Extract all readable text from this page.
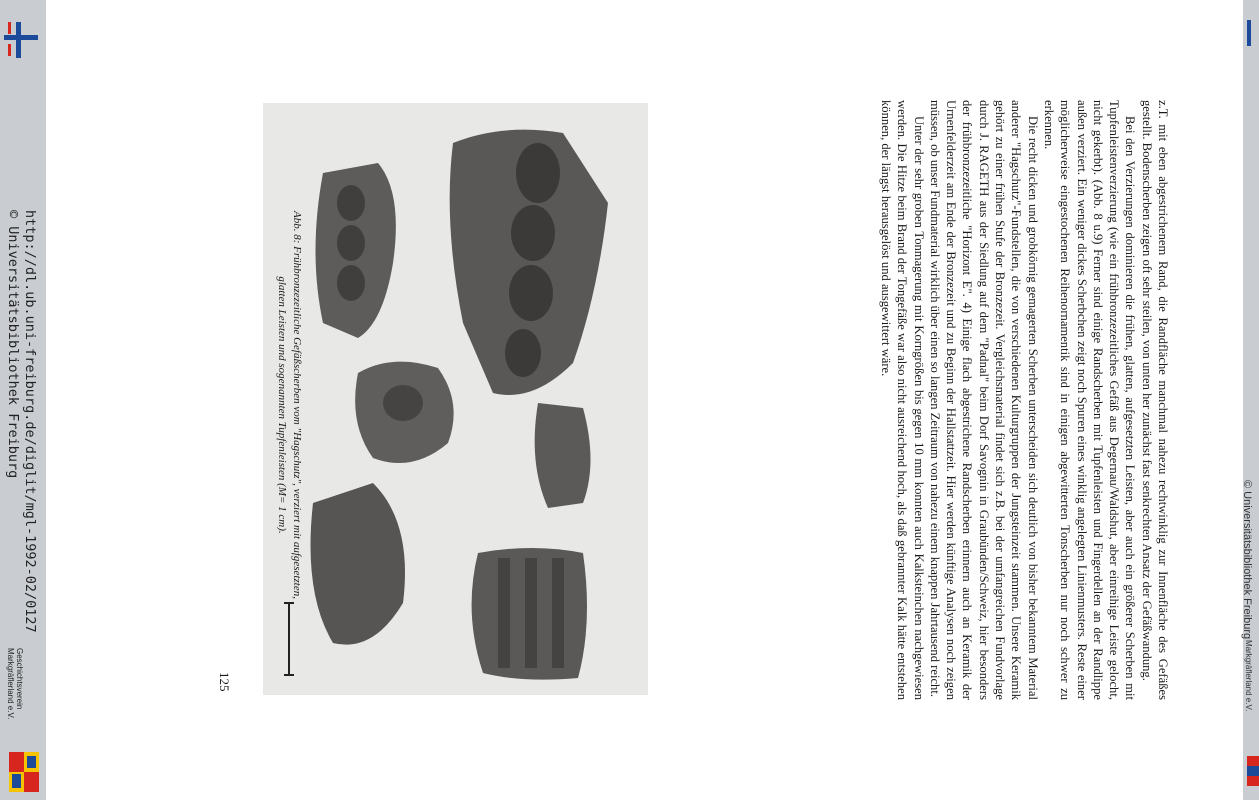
z.T. mit eben abgestrichenem Rand, die Randfläche manchmal nahezu rechtwinklig zur Innenfläche des Gefäßes gestellt. Bodenscherben zeigen oft sehr steilen, von unten her zunächst fast senkrechten Ansatz der Gefäßwandung.

Bei den Verzierungen dominieren die frühen, glatten, aufgesetzten Leisten, aber auch ein größerer Scherben mit Tupfenleistenverzierung (wie ein frühbronzezeitliches Gefäß aus Degernau/Waldshut, aber einreihige Leiste gelocht, nicht gekerbt). (Abb. 8 u.9) Ferner sind einige Randscherben mit Tupfenleisten und Fingerdellen an der Randlippe außen verziert. Ein weniger dickes Scherbchen zeigt noch Spuren eines winklig angelegten Linienmusters. Reste einer möglicherweise eingestochenen Reihenornamentik sind in einigen abgewitterten Tonscherben nur noch schwer zu erkennen.

Die recht dicken und grobkörnig gemagerten Scherben unterscheiden sich deutlich von bisher bekanntem Material anderer "Hagschutz"-Fundstellen, die von verschiedenen Kulturgruppen der Jungsteinzeit stammen. Unsere Keramik gehört zu einer frühen Stufe der Bronzezeit. Vergleichsmaterial findet sich z.B. bei der umfangreichen Fundvorlage durch J. RAGETH aus der Siedlung auf dem "Padnal" beim Dorf Savognin in Graubünden/Schweiz, hier besonders der frühbronzezeitliche "Horizont E". 4) Einige flach abgestrichene Randscherben erinnern auch an Keramik der Urnenfelderzeit am Ende der Bronzezeit und zu Beginn der Hallstattzeit. Hier werden künftige Analysen noch zeigen müssen, ob unser Fundmaterial wirklich über einen so langen Zeitraum von nahezu einem knappen Jahrtausend reicht.

Unter der sehr groben Tonmagerung mit Korngrößen bis gegen 10 mm konnten auch Kalksteinchen nachgewiesen werden. Die Hitze beim Brand der Tongefäße war also nicht ausreichend hoch, als daß gebrannter Kalk hätte entstehen können, der längst herausgelöst und ausgewittert wäre.

Abb. 8: Frühbronzezeitliche Gefäßscherben vom "Hagschutz", verziert mit aufgesetzten,
glatten Leisten und sogenannten Tupfenleisten (M= 1 cm).
125
http://dl.ub.uni-freiburg.de/diglit/mgl-1992-02/0127
© Universitätsbibliothek Freiburg
Geschichtsverein
Markgräflerland e.V.
© Universitätsbibliothek Freiburg
Markgräflerland e.V.
